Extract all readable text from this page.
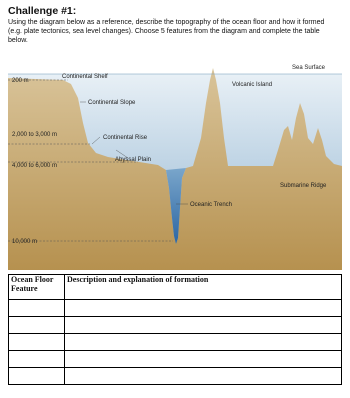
Challenge #1:
Using the diagram below as a reference, describe the topography of the ocean floor and how it formed (e.g. plate tectonics, sea level changes). Choose 5 features from the diagram and complete the table below.
200 m
2,000 to 3,000 m
4,000 to 6,000 m
10,000 m
Continental Shelf
Continental Slope
Continental Rise
Abyssal Plain
Oceanic Trench
Volcanic Island
Sea Surface
Submarine Ridge
Ocean Floor Feature	Description and explanation of formation
